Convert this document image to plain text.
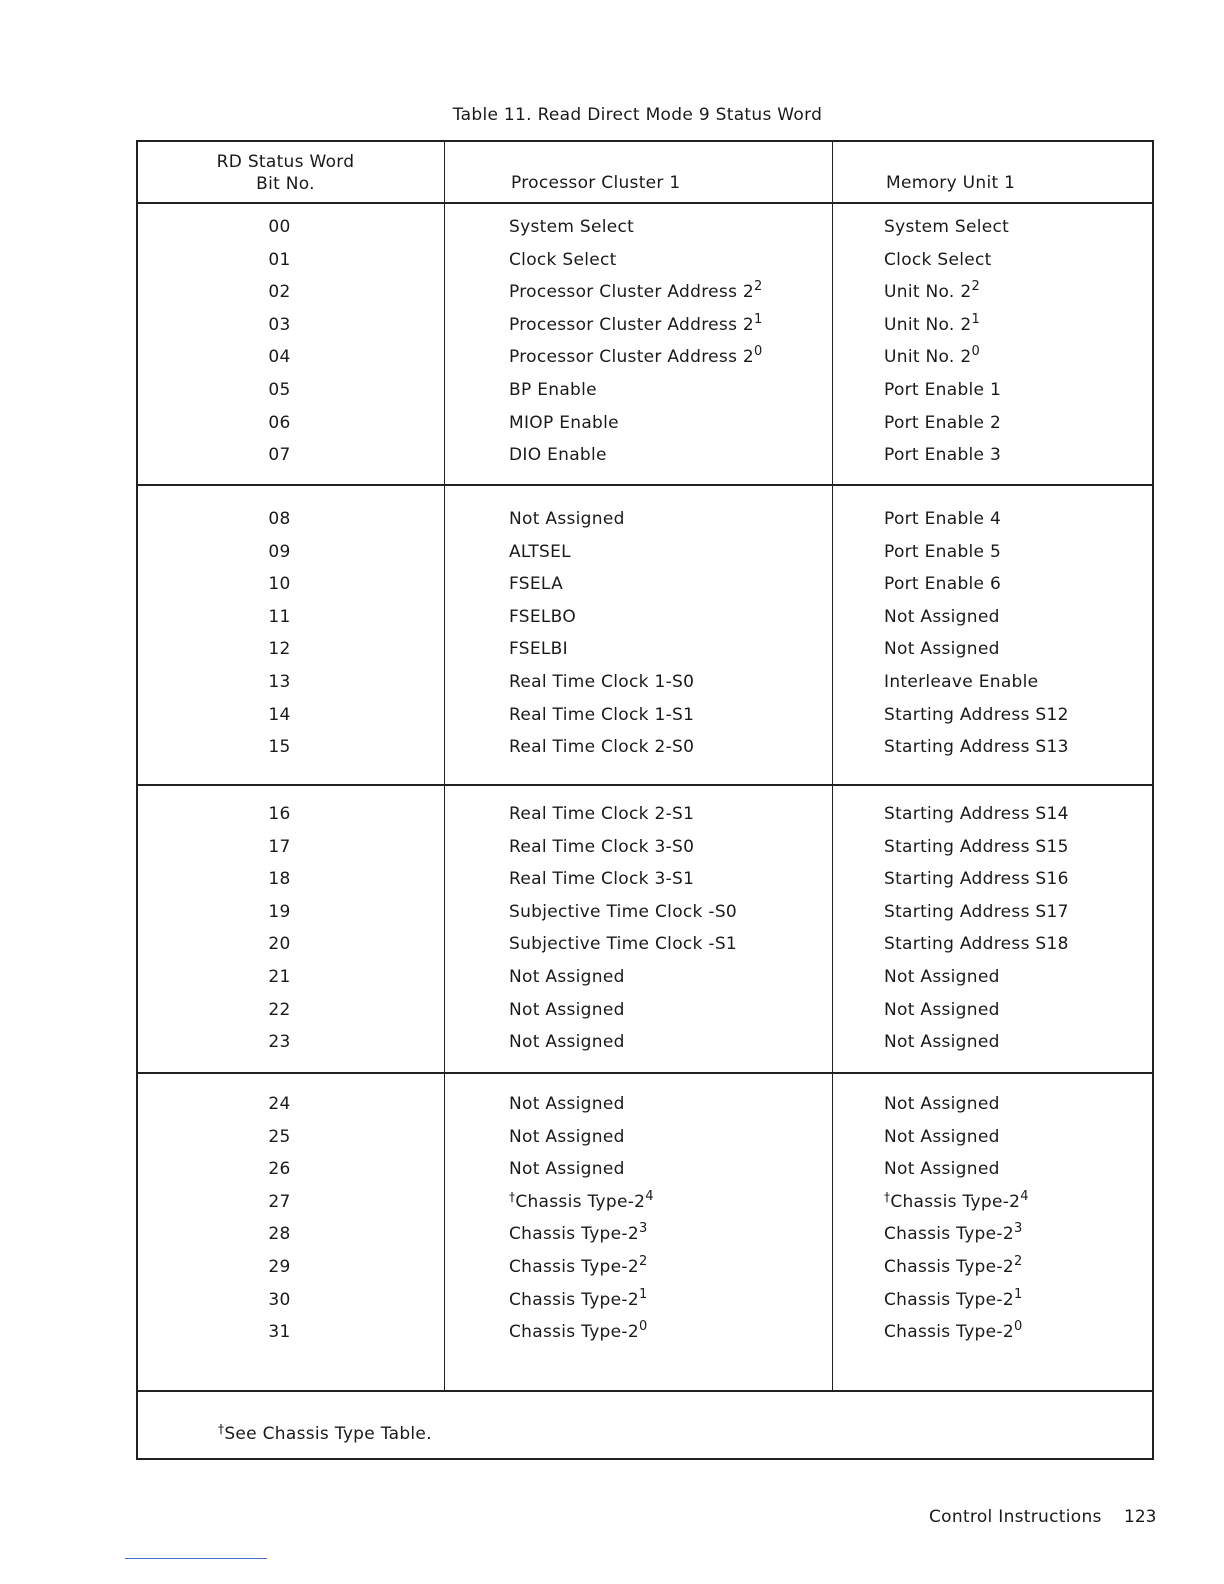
Table 11. Read Direct Mode 9 Status Word
RD Status Word
Bit No.	Processor Cluster 1	Memory Unit 1
00	System Select	System Select
01	Clock Select	Clock Select
02	Processor Cluster Address $2^2$	Unit No. $2^2$
03	Processor Cluster Address $2^1$	Unit No. $2^1$
04	Processor Cluster Address $2^0$	Unit No. $2^0$
05	BP Enable	Port Enable 1
06	MIOP Enable	Port Enable 2
07	DIO Enable	Port Enable 3
08	Not Assigned	Port Enable 4
09	ALTSEL	Port Enable 5
10	FSELA	Port Enable 6
11	FSELBO	Not Assigned
12	FSELBI	Not Assigned
13	Real Time Clock 1-S0	Interleave Enable
14	Real Time Clock 1-S1	Starting Address S12
15	Real Time Clock 2-S0	Starting Address S13
16	Real Time Clock 2-S1	Starting Address S14
17	Real Time Clock 3-S0	Starting Address S15
18	Real Time Clock 3-S1	Starting Address S16
19	Subjective Time Clock -S0	Starting Address S17
20	Subjective Time Clock -S1	Starting Address S18
21	Not Assigned	Not Assigned
22	Not Assigned	Not Assigned
23	Not Assigned	Not Assigned
24	Not Assigned	Not Assigned
25	Not Assigned	Not Assigned
26	Not Assigned	Not Assigned
27	†Chassis Type-$2^4$	†Chassis Type-$2^4$
28	Chassis Type-$2^3$	Chassis Type-$2^3$
29	Chassis Type-$2^2$	Chassis Type-$2^2$
30	Chassis Type-$2^1$	Chassis Type-$2^1$
31	Chassis Type-$2^0$	Chassis Type-$2^0$
†See Chassis Type Table.
Control Instructions 123
